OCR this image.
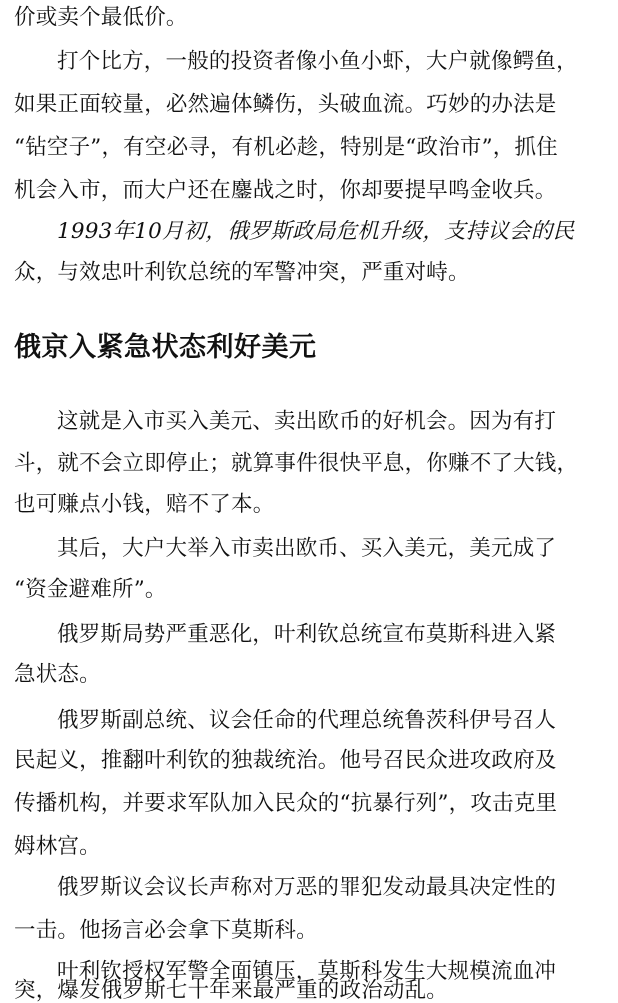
价或卖个最低价。
打个比方，一般的投资者像小鱼小虾，大户就像鳄鱼，
如果正面较量，必然遍体鳞伤，头破血流。巧妙的办法是
“钻空子”，有空必寻，有机必趁，特别是“政治市”，抓住
机会入市，而大户还在鏖战之时，你却要提早鸣金收兵。
1993年10月初，俄罗斯政局危机升级，支持议会的民
众，与效忠叶利钦总统的军警冲突，严重对峙。
俄京入紧急状态利好美元
这就是入市买入美元、卖出欧币的好机会。因为有打
斗，就不会立即停止；就算事件很快平息，你赚不了大钱，
也可赚点小钱，赔不了本。
其后，大户大举入市卖出欧币、买入美元，美元成了
“资金避难所”。
俄罗斯局势严重恶化，叶利钦总统宣布莫斯科进入紧
急状态。
俄罗斯副总统、议会任命的代理总统鲁茨科伊号召人
民起义，推翻叶利钦的独裁统治。他号召民众进攻政府及
传播机构，并要求军队加入民众的“抗暴行列”，攻击克里
姆林宫。
俄罗斯议会议长声称对万恶的罪犯发动最具决定性的
一击。他扬言必会拿下莫斯科。
叶利钦授权军警全面镇压，莫斯科发生大规模流血冲
突，爆发俄罗斯七十年来最严重的政治动乱。
